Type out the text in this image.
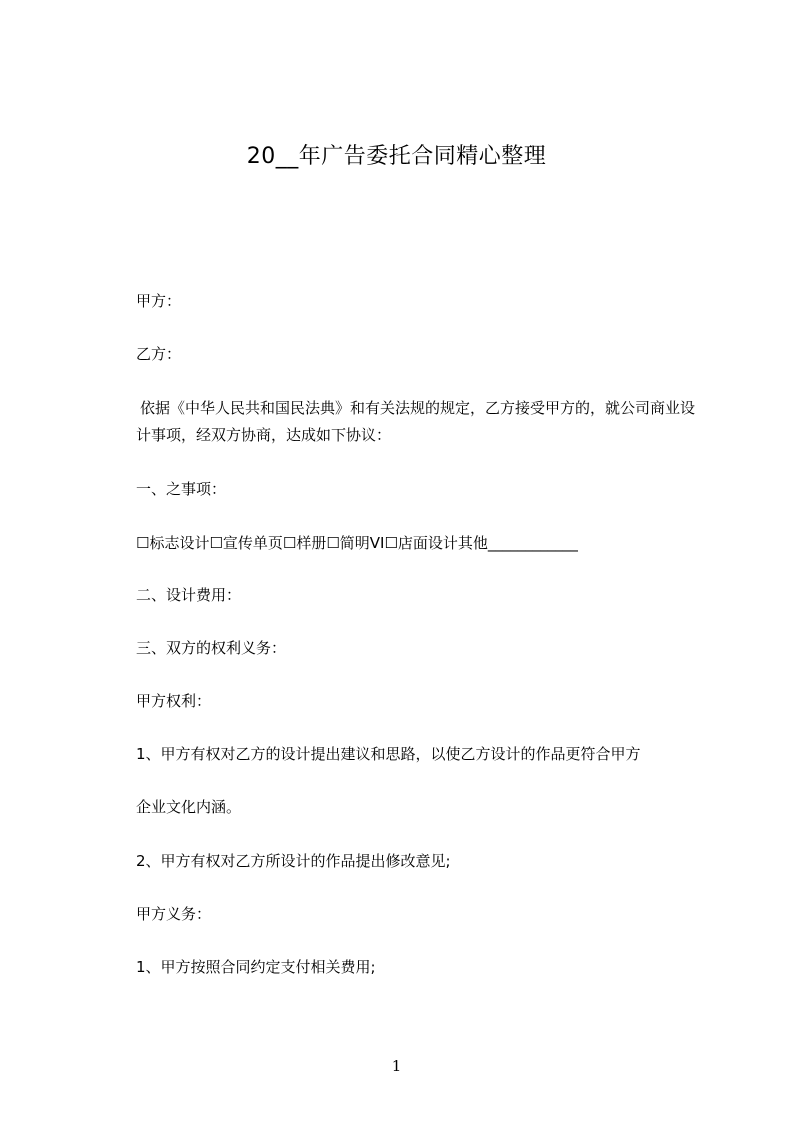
20__年广告委托合同精心整理
甲方：
乙方：
依据《中华人民共和国民法典》和有关法规的规定，乙方接受甲方的，就公司商业设计事项，经双方协商，达成如下协议：
一、之事项：
☐标志设计☐宣传单页☐样册☐简明VI☐店面设计其他____________
二、设计费用：
三、双方的权利义务：
甲方权利：
1、甲方有权对乙方的设计提出建议和思路，以使乙方设计的作品更符合甲方
企业文化内涵。
2、甲方有权对乙方所设计的作品提出修改意见;
甲方义务：
1、甲方按照合同约定支付相关费用;
1
